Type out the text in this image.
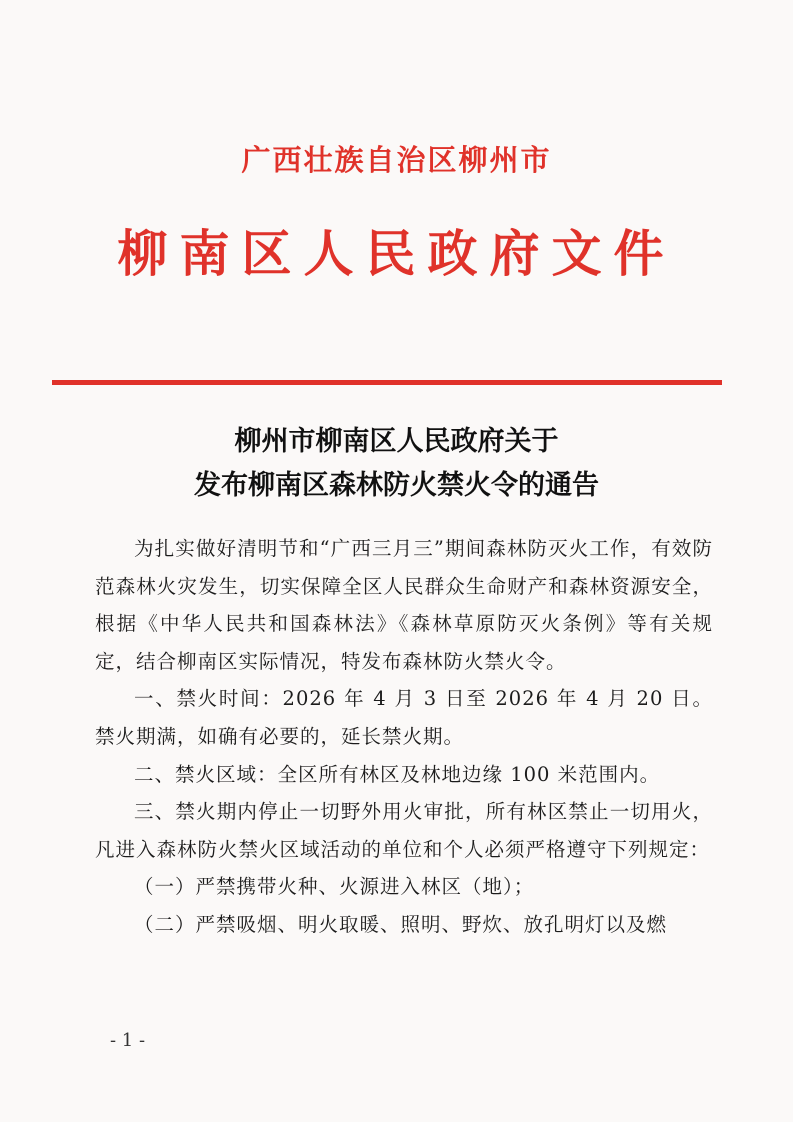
广西壮族自治区柳州市
柳南区人民政府文件
柳州市柳南区人民政府关于
发布柳南区森林防火禁火令的通告

为扎实做好清明节和“广西三月三”期间森林防灭火工作，有效防范森林火灾发生，切实保障全区人民群众生命财产和森林资源安全，根据《中华人民共和国森林法》《森林草原防灭火条例》等有关规定，结合柳南区实际情况，特发布森林防火禁火令。

一、禁火时间：2026 年 4 月 3 日至 2026 年 4 月 20 日。禁火期满，如确有必要的，延长禁火期。

二、禁火区域：全区所有林区及林地边缘 100 米范围内。

三、禁火期内停止一切野外用火审批，所有林区禁止一切用火，凡进入森林防火禁火区域活动的单位和个人必须严格遵守下列规定：

（一）严禁携带火种、火源进入林区（地）；

（二）严禁吸烟、明火取暖、照明、野炊、放孔明灯以及燃

- 1 -
